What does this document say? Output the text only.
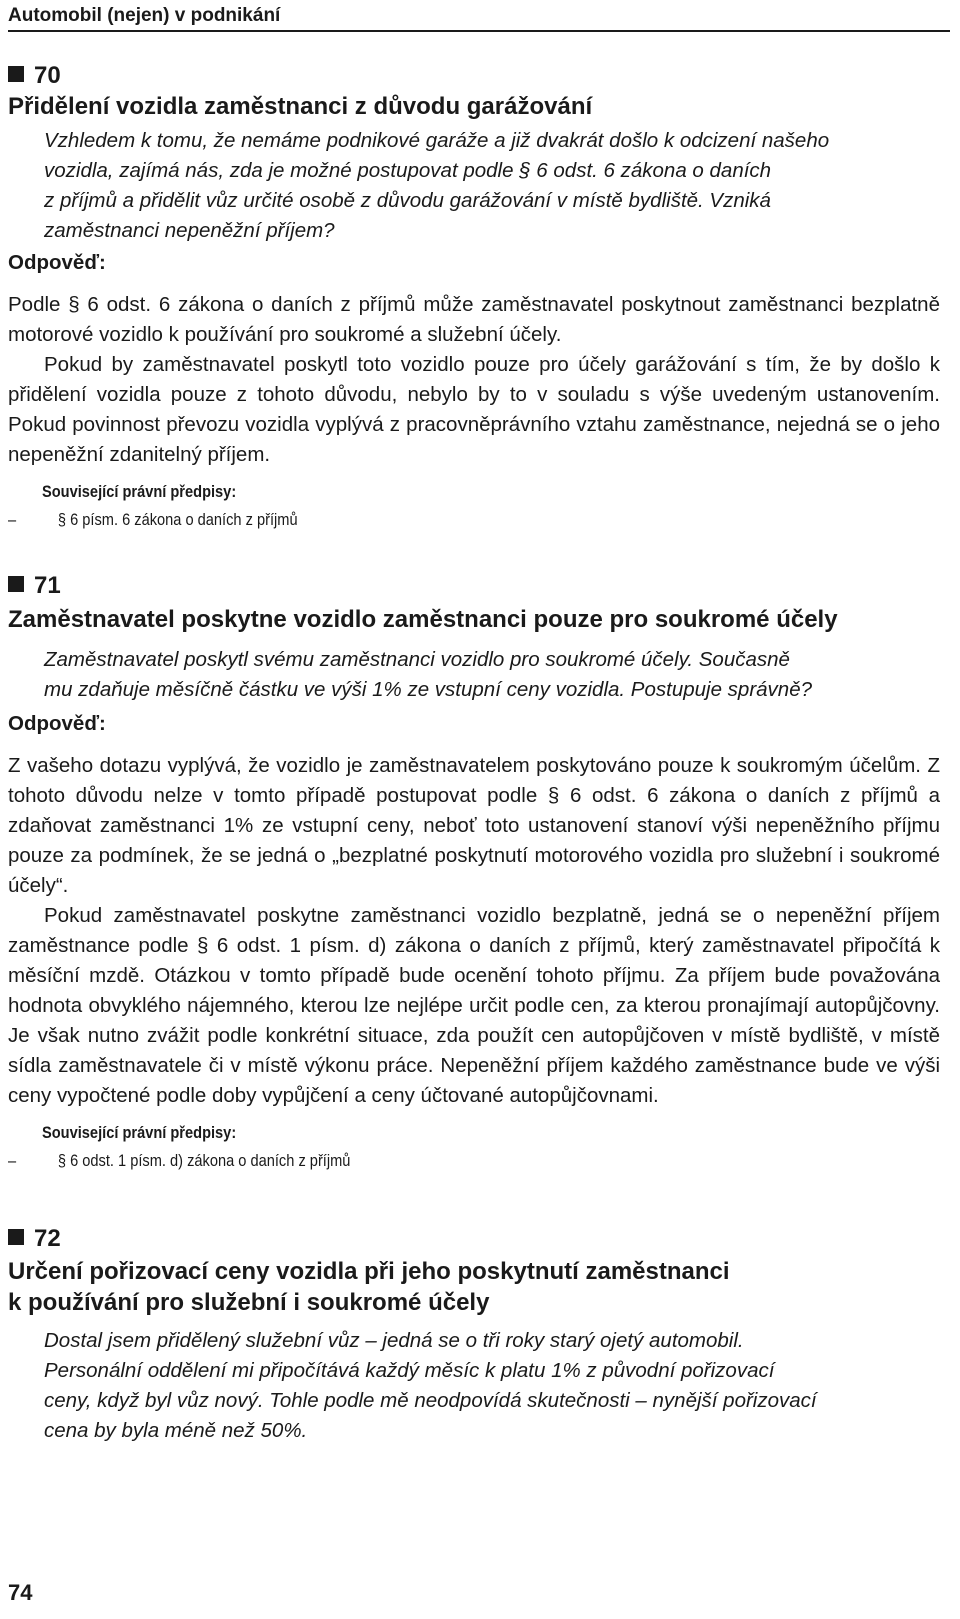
Automobil (nejen) v podnikání
70
Přidělení vozidla zaměstnanci z důvodu garážování
Vzhledem k tomu, že nemáme podnikové garáže a již dvakrát došlo k odcizení našeho
vozidla, zajímá nás, zda je možné postupovat podle § 6 odst. 6 zákona o daních
z příjmů a přidělit vůz určité osobě z důvodu garážování v místě bydliště. Vzniká
zaměstnanci nepeněžní příjem?
Odpověď:

Podle § 6 odst. 6 zákona o daních z příjmů může zaměstnavatel poskytnout zaměstnanci bezplatně motorové vozidlo k používání pro soukromé a služební účely.

Pokud by zaměstnavatel poskytl toto vozidlo pouze pro účely garážování s tím, že by došlo k přidělení vozidla pouze z tohoto důvodu, nebylo by to v souladu s výše uvedeným ustanovením. Pokud povinnost převozu vozidla vyplývá z pracovněprávního vztahu zaměstnance, nejedná se o jeho nepeněžní zdanitelný příjem.

Související právní předpisy:
– § 6 písm. 6 zákona o daních z příjmů
71
Zaměstnavatel poskytne vozidlo zaměstnanci pouze pro soukromé účely
Zaměstnavatel poskytl svému zaměstnanci vozidlo pro soukromé účely. Současně
mu zdaňuje měsíčně částku ve výši 1% ze vstupní ceny vozidla. Postupuje správně?
Odpověď:

Z vašeho dotazu vyplývá, že vozidlo je zaměstnavatelem poskytováno pouze k soukromým účelům. Z tohoto důvodu nelze v tomto případě postupovat podle § 6 odst. 6 zákona o daních z příjmů a zdaňovat zaměstnanci 1% ze vstupní ceny, neboť toto ustanovení stanoví výši nepeněžního příjmu pouze za podmínek, že se jedná o „bezplatné poskytnutí motorového vozidla pro služební i soukromé účely“.

Pokud zaměstnavatel poskytne zaměstnanci vozidlo bezplatně, jedná se o nepeněžní příjem zaměstnance podle § 6 odst. 1 písm. d) zákona o daních z příjmů, který zaměstnavatel připočítá k měsíční mzdě. Otázkou v tomto případě bude ocenění tohoto příjmu. Za příjem bude považována hodnota obvyklého nájemného, kterou lze nejlépe určit podle cen, za kterou pronajímají autopůjčovny. Je však nutno zvážit podle konkrétní situace, zda použít cen autopůjčoven v místě bydliště, v místě sídla zaměstnavatele či v místě výkonu práce. Nepeněžní příjem každého zaměstnance bude ve výši ceny vypočtené podle doby vypůjčení a ceny účtované autopůjčovnami.

Související právní předpisy:
– § 6 odst. 1 písm. d) zákona o daních z příjmů
72
Určení pořizovací ceny vozidla při jeho poskytnutí zaměstnanci
k používání pro služební i soukromé účely
Dostal jsem přidělený služební vůz – jedná se o tři roky starý ojetý automobil.
Personální oddělení mi připočítává každý měsíc k platu 1% z původní pořizovací
ceny, když byl vůz nový. Tohle podle mě neodpovídá skutečnosti – nynější pořizovací
cena by byla méně než 50%.
74
